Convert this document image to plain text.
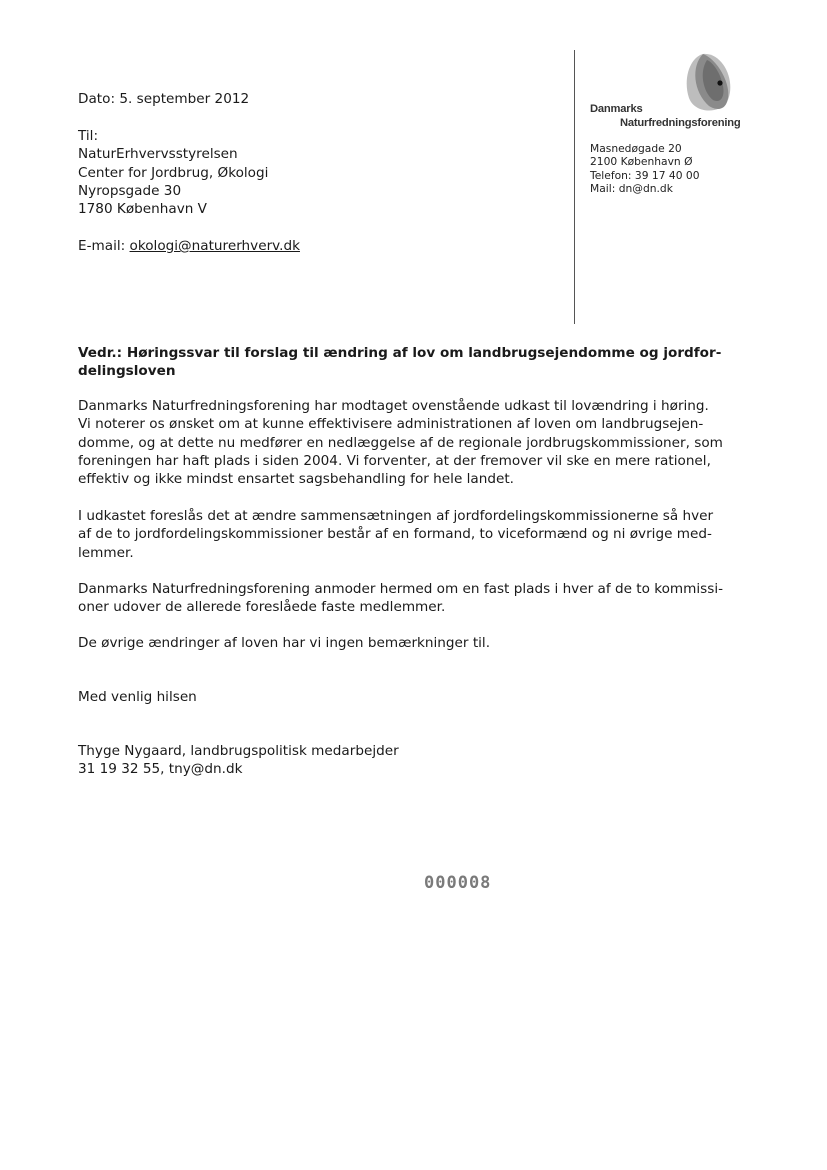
Dato: 5. september 2012
Til:
NaturErhvervsstyrelsen
Center for Jordbrug, Økologi
Nyropsgade 30
1780 København V
E-mail: okologi@naturerhverv.dk
Danmarks
Naturfredningsforening
Masnedøgade 20
2100 København Ø
Telefon: 39 17 40 00
Mail: dn@dn.dk
Vedr.: Høringssvar til forslag til ændring af lov om landbrugsejendomme og jordfor-
delingsloven
Danmarks Naturfredningsforening har modtaget ovenstående udkast til lovændring i høring.
Vi noterer os ønsket om at kunne effektivisere administrationen af loven om landbrugsejen-
domme, og at dette nu medfører en nedlæggelse af de regionale jordbrugskommissioner, som
foreningen har haft plads i siden 2004. Vi forventer, at der fremover vil ske en mere rationel,
effektiv og ikke mindst ensartet sagsbehandling for hele landet.
I udkastet foreslås det at ændre sammensætningen af jordfordelingskommissionerne så hver
af de to jordfordelingskommissioner består af en formand, to viceformænd og ni øvrige med-
lemmer.
Danmarks Naturfredningsforening anmoder hermed om en fast plads i hver af de to kommissi-
oner udover de allerede foreslåede faste medlemmer.
De øvrige ændringer af loven har vi ingen bemærkninger til.
Med venlig hilsen
Thyge Nygaard, landbrugspolitisk medarbejder
31 19 32 55, tny@dn.dk
000008
